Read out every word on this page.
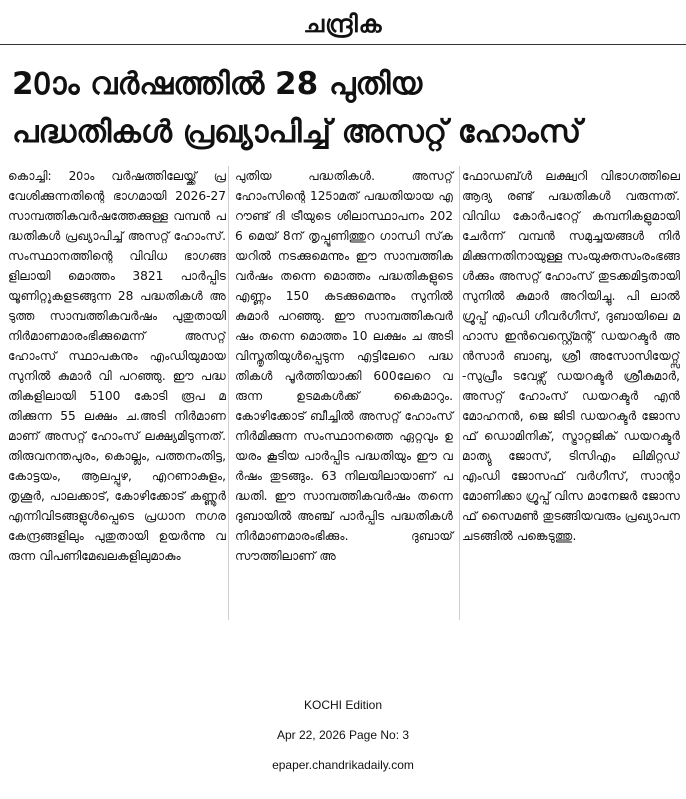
ചന്ദ്രിക
20ാം വർഷത്തിൽ 28 പുതിയ
പദ്ധതികൾ പ്രഖ്യാപിച്ച് അസറ്റ് ഹോംസ്
കൊച്ചി: 20ാം വർഷത്തിലേയ്ക്ക് പ്രവേശിക്കുന്നതിന്റെ ഭാഗമായി 2026-27 സാമ്പത്തികവർഷത്തേക്കുള്ള വമ്പൻ പദ്ധതികൾ പ്രഖ്യാപിച്ച് അസറ്റ് ഹോംസ്. സംസ്ഥാനത്തിന്റെ വിവിധ ഭാഗങ്ങളിലായി മൊത്തം 3821 പാർപ്പിട യൂണിറ്റുകളടങ്ങുന്ന 28 പദ്ധതികൾ അടുത്ത സാമ്പത്തികവർഷം പുതുതായി നിർമാണമാരംഭിക്കുമെന്ന് അസറ്റ് ഹോംസ് സ്ഥാപകനും എംഡിയുമായ സുനിൽ കുമാർ വി പറഞ്ഞു. ഈ പദ്ധതികളിലായി 5100 കോടി രൂപ മതിക്കുന്ന 55 ലക്ഷം ച.അടി നിർമാണമാണ് അസറ്റ് ഹോംസ് ലക്ഷ്യമിടുന്നത്. തിരുവനന്തപുരം, കൊല്ലം, പത്തനംതിട്ട, കോട്ടയം, ആലപ്പുഴ, എറണാകുളം, തൃശൂർ, പാലക്കാട്, കോഴിക്കോട് കണ്ണൂർ എന്നിവിടങ്ങളുൾപ്പെടെ പ്രധാന നഗരകേന്ദ്രങ്ങളിലും പുതുതായി ഉയർന്നു വരുന്ന വിപണിമേഖലകളിലുമാകും
പുതിയ പദ്ധതികൾ. അസറ്റ് ഹോംസിന്റെ 125ാമത് പദ്ധതിയായ എറൗണ്ട് ദി ട്രീയുടെ ശിലാസ്ഥാപനം 2026 മെയ് 8ന് തൃപ്പൂണിത്തുറ ഗാന്ധി സ്‌കയറിൽ നടക്കുമെന്നും ഈ സാമ്പത്തികവർഷം തന്നെ മൊത്തം പദ്ധതികളുടെ എണ്ണം 150 കടക്കുമെന്നും സുനിൽ കുമാർ പറഞ്ഞു. ഈ സാമ്പത്തികവർഷം തന്നെ മൊത്തം 10 ലക്ഷം ച അടി വിസ്തൃതിയുൾപ്പെടുന്ന എട്ടിലേറെ പദ്ധതികൾ പൂർത്തിയാക്കി 600ലേറെ വരുന്ന ഉടമകൾക്ക് കൈമാറും. കോഴിക്കോട് ബീച്ചിൽ അസറ്റ് ഹോംസ് നിർമിക്കുന്ന സംസ്ഥാനത്തെ ഏറ്റവും ഉയരം കൂടിയ പാർപ്പിട പദ്ധതിയും ഈ വർഷം തുടങ്ങും. 63 നിലയിലായാണ് പദ്ധതി. ഈ സാമ്പത്തികവർഷം തന്നെ ദുബായിൽ അഞ്ച് പാർപ്പിട പദ്ധതികൾ നിർമാണമാരംഭിക്കും. ദുബായ് സൗത്തിലാണ് അ
ഫോഡബ്ൾ ലക്ഷ്വറി വിഭാഗത്തിലെ ആദ്യ രണ്ട് പദ്ധതികൾ വരുന്നത്. വിവിധ കോർപറേറ്റ് കമ്പനികളുമായി ചേർന്ന് വമ്പൻ സമുച്ചയങ്ങൾ നിർമിക്കുന്നതിനായുള്ള സംയുക്തസംരംഭങ്ങൾക്കും അസറ്റ് ഹോംസ് തുടക്കമിട്ടതായി സുനിൽ കുമാർ അറിയിച്ചു. പി ലാൽ ഗ്രൂപ്പ് എംഡി ഗീവർഗീസ്, ദുബായിലെ മഹാസ ഇൻവെസ്റ്റ്മെന്റ് ഡയറക്ടർ അൻസാർ ബാബു, ശ്രീ അസോസിയേറ്റ്സ് -സുപ്രീം ടവേഴ്സ് ഡയറക്ടർ ശ്രീകുമാർ, അസറ്റ് ഹോംസ് ഡയറക്ടർ എൻ മോഹനൻ, ജെ ജിടി ഡയറക്ടർ ജോസഫ് ഡൊമിനിക്, സ്ട്രാറ്റജിക് ഡയറക്ടർ മാത്യു ജോസ്, ടിസിഎം ലിമിറ്റഡ് എംഡി ജോസഫ് വർഗീസ്, സാന്റാ മോണിക്കാ ഗ്രൂപ്പ് വിസ മാനേജർ ജോസഫ് സൈമൺ തുടങ്ങിയവരും പ്രഖ്യാപന ചടങ്ങിൽ പങ്കെടുത്തു.
KOCHI Edition
Apr 22, 2026 Page No: 3
epaper.chandrikadaily.com
